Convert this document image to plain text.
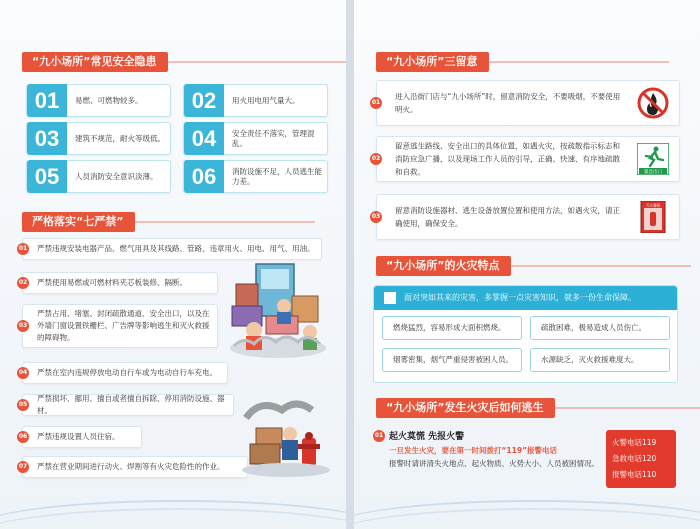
“九小场所”常见安全隐患
01	易燃、可燃物较多。	02	用火用电用气量大。
03	建筑不规范，耐火等级低。	04	安全责任不落实，管理混乱。
05	人员消防安全意识淡薄。	06	消防设施不足，人员逃生能力差。
严格落实“七严禁”
01	严禁违规安装电器产品、燃气用具及其线路、管路，违章用火、用电、用气、用油。
02	严禁使用易燃或可燃材料夹芯板装修、隔断。
03
严禁占用、堵塞、封闭疏散通道、安全出口，以及在外墙门窗设置铁栅栏、广告牌等影响逃生和灭火救援的障碍物。
04	严禁在室内违规停放电动自行车或为电动自行车充电。
05
严禁损坏、挪用、擅自或者擅自拆除、停用消防设施、器材。
06	严禁违规设置人员住宿。
07	严禁在营业期间进行动火、焊割等有火灾危险性的作业。
“九小场所”三留意
01
进入沿街门店与“九小场所”时，留意消防安全，不要吸烟，不要使用明火。
02
留意逃生路线、安全出口的具体位置，如遇火灾，按疏散指示标志和消防应急广播，以及现场工作人员的引导，正确、快速、有序地疏散和自救。	紧急出口
03
留意消防设施器材、逃生设备放置位置和使用方法，如遇火灾，请正确使用，确保安全。
灭火器箱
“九小场所”的火灾特点
面对突如其来的灾害，多掌握一点灾害知识，就多一份生命保障。
燃烧猛烈，容易形成大面积燃烧。	疏散困难，极易造成人员伤亡。
烟雾密集，烟气严重侵害被困人员。	水源缺乏，灭火救援难度大。
“九小场所”发生火灾后如何逃生
01 起火莫慌 先报火警
一旦发生火灾，要在第一时间拨打“119”报警电话
报警时请讲清失火地点、起火物质、火势大小、人员被困情况。
火警电话119
急救电话120
报警电话110
